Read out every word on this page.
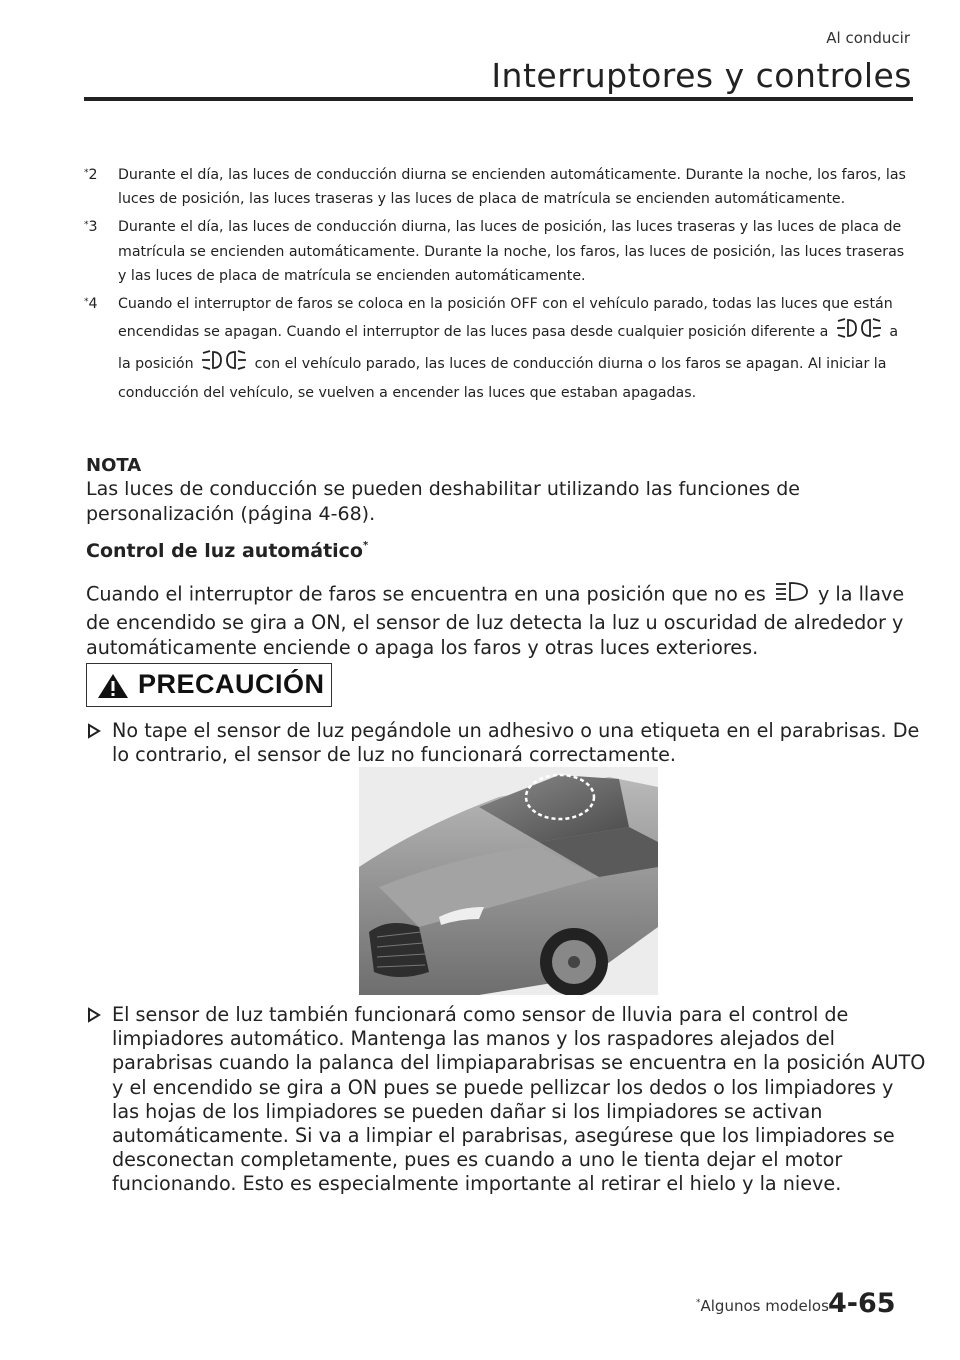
Al conducir
Interruptores y controles
*2 Durante el día, las luces de conducción diurna se encienden automáticamente. Durante la noche, los faros, las luces de posición, las luces traseras y las luces de placa de matrícula se encienden automáticamente.
*3 Durante el día, las luces de conducción diurna, las luces de posición, las luces traseras y las luces de placa de matrícula se encienden automáticamente. Durante la noche, los faros, las luces de posición, las luces traseras y las luces de placa de matrícula se encienden automáticamente.
*4 Cuando el interruptor de faros se coloca en la posición OFF con el vehículo parado, todas las luces que están encendidas se apagan. Cuando el interruptor de las luces pasa desde cualquier posición diferente a	a la posición	con el vehículo parado, las luces de conducción diurna o los faros se apagan. Al iniciar la conducción del vehículo, se vuelven a encender las luces que estaban apagadas.
NOTA
Las luces de conducción se pueden deshabilitar utilizando las funciones de personalización (página 4-68).
Control de luz automático*
Cuando el interruptor de faros se encuentra en una posición que no es	y la llave de encendido se gira a ON, el sensor de luz detecta la luz u oscuridad de alrededor y automáticamente enciende o apaga los faros y otras luces exteriores.
PRECAUCIÓN
No tape el sensor de luz pegándole un adhesivo o una etiqueta en el parabrisas. De lo contrario, el sensor de luz no funcionará correctamente.
El sensor de luz también funcionará como sensor de lluvia para el control de limpiadores automático. Mantenga las manos y los raspadores alejados del parabrisas cuando la palanca del limpiaparabrisas se encuentra en la posición AUTO y el encendido se gira a ON pues se puede pellizcar los dedos o los limpiadores y las hojas de los limpiadores se pueden dañar si los limpiadores se activan automáticamente. Si va a limpiar el parabrisas, asegúrese que los limpiadores se desconectan completamente, pues es cuando a uno le tienta dejar el motor funcionando. Esto es especialmente importante al retirar el hielo y la nieve.
*Algunos modelos 4-65
